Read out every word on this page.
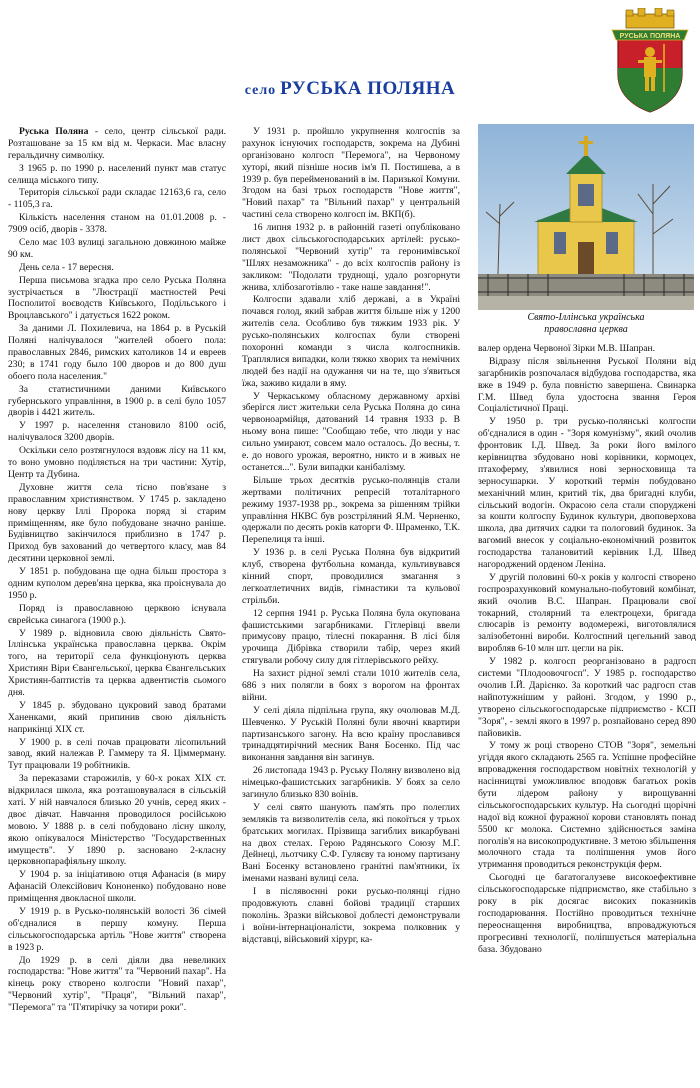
село РУСЬКА ПОЛЯНА
РУСЬКА ПОЛЯНА

Руська Поляна - село, центр сільської ради. Розташоване за 15 км від м. Черкаси. Має власну геральдичну символіку.

З 1965 р. по 1990 р. населений пункт мав статус селища міського типу.

Територія сільської ради складає 12163,6 га, село - 1105,3 га.

Кількість населення станом на 01.01.2008 р. - 7909 осіб, дворів - 3378.

Село має 103 вулиці загальною довжиною майже 90 км.

День села - 17 вересня.

Перша письмова згадка про село Руська Поляна зустрічається в "Люстрації маєтностей Речі Посполитої воєводств Київського, Подільського і Вроцлавського" і датується 1622 роком.

За даними Л. Похилевича, на 1864 р. в Руській Поляні налічувалося "жителей обоего пола: православных 2846, римских католиков 14 и евреев 230; в 1741 году было 100 дворов и до 800 душ обоего пола населения."

За статистичними даними Київського губернського управління, в 1900 р. в селі було 1057 дворів і 4421 житель.

У 1997 р. населення становило 8100 осіб, налічувалося 3200 дворів.

Оскільки село розтягнулося вздовж лісу на 11 км, то воно умовно поділяється на три частини: Хутір, Центр та Дубина.

Духовне життя села тісно пов'язане з православним християнством. У 1745 р. закладено нову церкву Іллі Пророка поряд зі старим приміщенням, яке було побудоване значно раніше. Будівництво закінчилося приблизно в 1747 р. Приход був захований до четвертого класу, мав 84 десятини церковної землі.

У 1851 р. побудована ще одна більш простора з одним куполом дерев'яна церква, яка проіснувала до 1950 р.

Поряд із православною церквою існувала єврейська синагога (1900 р.).

У 1989 р. відновила свою діяльність Свято-Іллінська українська православна церква. Окрім того, на території села функціонують церква Християн Віри Євангельської, церква Євангельських Християн-баптистів та церква адвентистів сьомого дня.

У 1845 р. збудовано цукровий завод братами Ханенками, який припинив свою діяльність наприкінці XIX ст.

У 1900 р. в селі почав працювати лісопильний завод, який належав Р. Гаммеру та Я. Ціммерману. Тут працювали 19 робітників.

За переказами старожилів, у 60-х роках XIX ст. відкрилася школа, яка розташовувалася в сільській хаті. У ній навчалося близько 20 учнів, серед яких - двоє дівчат. Навчання проводилося російською мовою. У 1888 р. в селі побудовано лісну школу, якою опікувалося Міністерство "Государственных имуществ". У 1890 р. засновано 2-класну церковнопарафіяльну школу.

У 1904 р. за ініціативою отця Афанасія (в миру Афанасій Олексійович Кононенко) побудовано нове приміщення двокласної школи.

У 1919 р. в Русько-полянській волості 36 сімей об'єдналися в першу комуну. Перша сільськогосподарська артіль "Нове життя" створена в 1923 р.

До 1929 р. в селі діяли два невеликих господарства: "Нове життя" та "Червоний пахар". На кінець року створено колгоспи "Новий пахар", "Червоний хутір", "Праця", "Вільний пахар", "Перемога" та "П'ятирічку за чотири роки".

У 1931 р. пройшло укрупнення колгоспів за рахунок існуючих господарств, зокрема на Дубині організовано колгосп "Перемога", на Червоному хуторі, який пізніше носив ім'я П. Постишева, а в 1939 р. був перейменований в ім. Паризької Комуни. Згодом на базі трьох господарств "Нове життя", "Новий пахар" та "Вільний пахар" у центральній частині села створено колгосп ім. ВКП(б).

16 липня 1932 р. в районній газеті опубліковано лист двох сільськогосподарських артілей: русько-полянської "Червоний хутір" та геронимівської "Шлях незаможника" - до всіх колгоспів району із закликом: "Подолати труднощі, удало розгорнути жнива, хлібозаготівлю - таке наше завдання!".

Колгоспи здавали хліб державі, а в Україні почався голод, який забрав життя більше ніж у 1200 жителів села. Особливо був тяжким 1933 рік. У русько-полянських колгоспах були створені похоронні команди з числа колгоспників. Траплялися випадки, коли тяжко хворих та немічних людей без надії на одужання чи на те, що з'явиться їжа, заживо кидали в яму.

У Черкаському обласному державному архіві зберігся лист жительки села Руська Поляна до сина червоноармійця, датований 14 травня 1933 р. В ньому вона пише: "Сообщаю тебе, что люди у нас сильно умирают, совсем мало осталось. До весны, т. е. до нового урожая, вероятно, никто и в живых не останется...". Були випадки канібалізму.

Більше трьох десятків русько-полянців стали жертвами політичних репресій тоталітарного режиму 1937-1938 рр., зокрема за рішенням трійки управління НКВС був розстріляний Я.М. Черненко, одержали по десять років каторги Ф. Шраменко, Т.К. Перепелиця та інші.

У 1936 р. в селі Руська Поляна був відкритий клуб, створена футбольна команда, культивувався кінний спорт, проводилися змагання з легкоатлетичних видів, гімнастики та кульової стрільби.

12 серпня 1941 р. Руська Поляна була окупована фашистськими загарбниками. Гітлерівці ввели примусову працю, тілесні покарання. В лісі біля урочища Дібрівка створили табір, через який стягували робочу силу для гітлерівського рейху.

На захист рідної землі стали 1010 жителів села, 686 з них полягли в боях з ворогом на фронтах війни.

У селі діяла підпільна група, яку очолював М.Д. Шевченко. У Руській Поляні були явочні квартири партизанського загону. На всю країну прославився тринадцятирічний месник Ваня Босенко. Під час виконання завдання він загинув.

26 листопада 1943 р. Руську Поляну визволено від німецько-фашистських загарбників. У боях за село загинуло близько 830 воїнів.

У селі свято шанують пам'ять про полеглих земляків та визволителів села, які покоїться у трьох братських могилах. Прізвища загиблих викарбувані на двох стелах. Герою Радянського Союзу М.Г. Дейнеці, льотчику С.Ф. Гуляєву та юному партизану Вані Босенку встановлено гранітні пам'ятники, їх іменами названі вулиці села.

І в післявоєнні роки русько-полянці гідно продовжують славні бойові традиції старших поколінь. Зразки військової доблесті демонстрували і воїни-інтернаціоналісти, зокрема полковник у відставці, військовий хірург, ка-

Свято-Іллінська українська
православна церква

валер ордена Червоної Зірки М.В. Шапран.

Відразу після звільнення Руської Поляни від загарбників розпочалася відбудова господарства, яка вже в 1949 р. була повністю завершена. Свинарка Г.М. Швед була удостоєна звання Героя Соціалістичної Праці.

У 1950 р. три русько-полянські колгоспи об'єдналися в один - "Зоря комунізму", який очолив фронтовик І.Д. Швед. За роки його вмілого керівництва збудовано нові корівники, кормоцех, птахоферму, з'явилися нові зерносховища та зерносушарки. У короткий термін побудовано механічний млин, критий тік, два бригадні клуби, сільський водогін. Окрасою села стали споруджені за кошти колгоспу Будинок культури, двоповерхова школа, два дитячих садки та пологовий будинок. За вагомий внесок у соціально-економічний розвиток господарства талановитий керівник І.Д. Швед нагороджений орденом Леніна.

У другій половині 60-х років у колгоспі створено госпрозрахунковий комунально-побутовий комбінат, який очолив В.С. Шапран. Працювали свої токарний, столярний та електроцехи, бригада слюсарів із ремонту водомережі, виготовлялися залізобетонні вироби. Колгоспний цегельний завод виробляв 6-10 млн шт. цегли на рік.

У 1982 р. колгосп реорганізовано в радгосп системи "Плодоовочгосп". У 1985 р. господарство очолив І.Й. Дарієнко. За короткий час радгосп став найпотужнішим у районі. Згодом, у 1990 р., утворено сільськогосподарське підприємство - КСП "Зоря", - землі якого в 1997 р. розпайовано серед 890 пайовиків.

У тому ж році створено СТОВ "Зоря", земельні угіддя якого складають 2565 га. Успішне професійне впровадження господарством новітніх технологій у насінництві уможливлює вподовж багатьох років бути лідером району у вирощуванні сільськогосподарських культур. На сьогодні щорічні надої від кожної фуражної корови становлять понад 5500 кг молока. Системно здійснюється заміна поголів'я на високопродуктивне. З метою збільшення молочного стада та поліпшення умов його утримання проводиться реконструкція ферм.

Сьогодні це багатогалузеве високоефективне сільськогосподарське підприємство, яке стабільно з року в рік досягає високих показників господарювання. Постійно проводиться технічне переоснащення виробництва, впроваджуються прогресивні технології, поліпшується матеріальна база. Збудовано
